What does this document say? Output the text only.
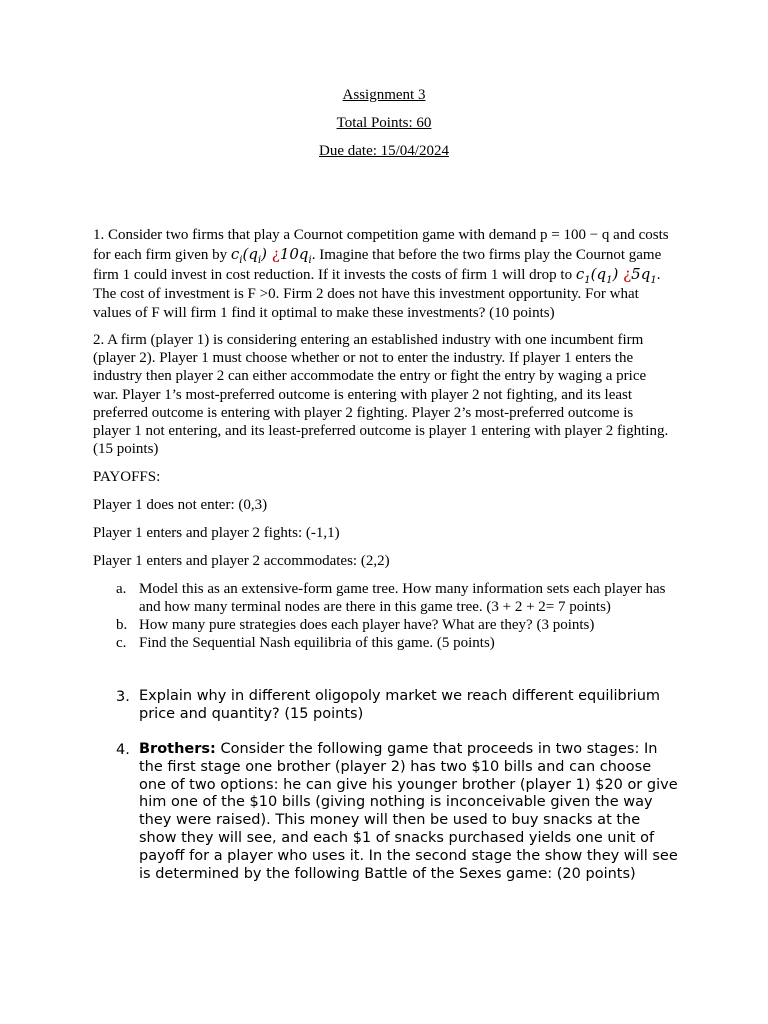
Assignment 3
Total Points: 60
Due date: 15/04/2024
1. Consider two firms that play a Cournot competition game with demand p = 100 − q and costs for each firm given by $c_i(q_i)$ ¿$10q_i$. Imagine that before the two firms play the Cournot game firm 1 could invest in cost reduction. If it invests the costs of firm 1 will drop to $c_1(q_1)$ ¿$5q_1$. The cost of investment is F >0. Firm 2 does not have this investment opportunity. For what values of F will firm 1 find it optimal to make these investments? (10 points)
2. A firm (player 1) is considering entering an established industry with one incumbent firm (player 2). Player 1 must choose whether or not to enter the industry. If player 1 enters the industry then player 2 can either accommodate the entry or fight the entry by waging a price war. Player 1’s most-preferred outcome is entering with player 2 not fighting, and its least preferred outcome is entering with player 2 fighting. Player 2’s most-preferred outcome is player 1 not entering, and its least-preferred outcome is player 1 entering with player 2 fighting. (15 points)
PAYOFFS:
Player 1 does not enter: (0,3)
Player 1 enters and player 2 fights: (-1,1)
Player 1 enters and player 2 accommodates: (2,2)
a. Model this as an extensive-form game tree. How many information sets each player has and how many terminal nodes are there in this game tree. (3 + 2 + 2= 7 points)
b. How many pure strategies does each player have? What are they? (3 points)
c. Find the Sequential Nash equilibria of this game. (5 points)
3. Explain why in different oligopoly market we reach different equilibrium price and quantity? (15 points)
4. Brothers: Consider the following game that proceeds in two stages: In the first stage one brother (player 2) has two $10 bills and can choose one of two options: he can give his younger brother (player 1) $20 or give him one of the $10 bills (giving nothing is inconceivable given the way they were raised). This money will then be used to buy snacks at the show they will see, and each $1 of snacks purchased yields one unit of payoff for a player who uses it. In the second stage the show they will see is determined by the following Battle of the Sexes game: (20 points)
